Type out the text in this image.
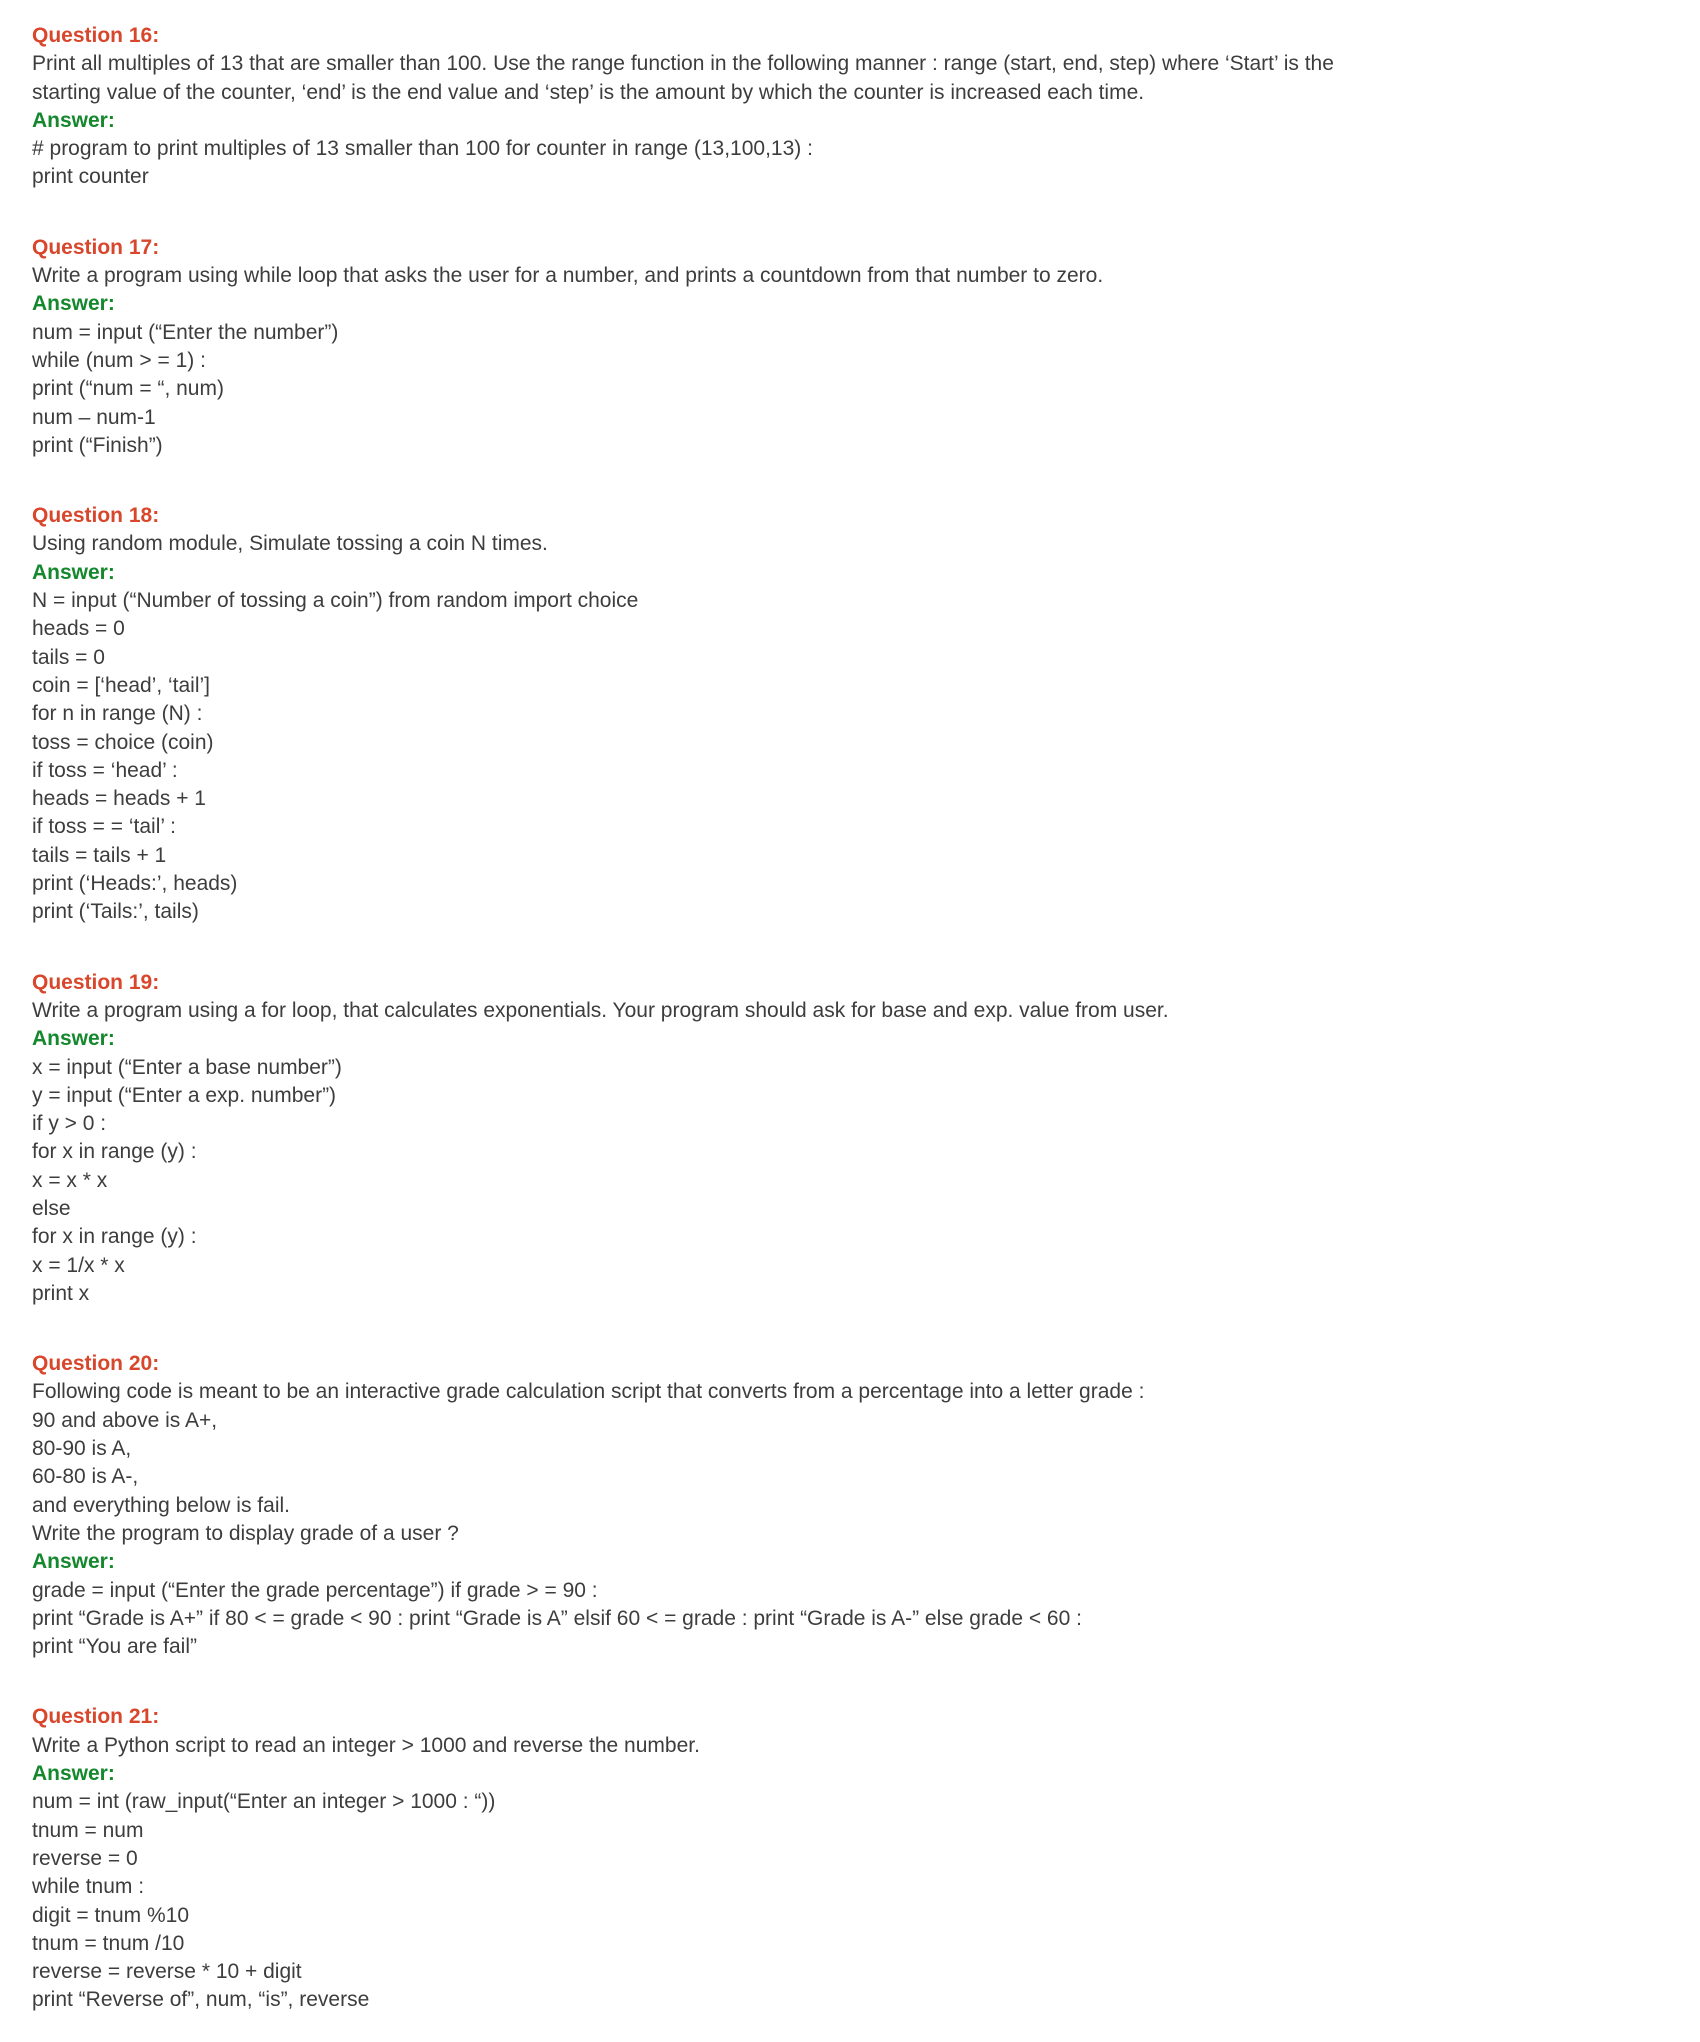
Question 16:
Print all multiples of 13 that are smaller than 100. Use the range function in the following manner : range (start, end, step) where ‘Start’ is the
starting value of the counter, ‘end’ is the end value and ‘step’ is the amount by which the counter is increased each time.
Answer:
# program to print multiples of 13 smaller than 100 for counter in range (13,100,13) :
print counter
Question 17:
Write a program using while loop that asks the user for a number, and prints a countdown from that number to zero.
Answer:
num = input (“Enter the number”)
while (num > = 1) :
print (“num = “, num)
num – num-1
print (“Finish”)
Question 18:
Using random module, Simulate tossing a coin N times.
Answer:
N = input (“Number of tossing a coin”) from random import choice
heads = 0
tails = 0
coin = [‘head’, ‘tail’]
for n in range (N) :
toss = choice (coin)
if toss = ‘head’ :
heads = heads + 1
if toss = = ‘tail’ :
tails = tails + 1
print (‘Heads:’, heads)
print (‘Tails:’, tails)
Question 19:
Write a program using a for loop, that calculates exponentials. Your program should ask for base and exp. value from user.
Answer:
x = input (“Enter a base number”)
y = input (“Enter a exp. number”)
if y > 0 :
for x in range (y) :
x = x * x
else
for x in range (y) :
x = 1/x * x
print x
Question 20:
Following code is meant to be an interactive grade calculation script that converts from a percentage into a letter grade :
90 and above is A+,
80-90 is A,
60-80 is A-,
and everything below is fail.
Write the program to display grade of a user ?
Answer:
grade = input (“Enter the grade percentage”) if grade > = 90 :
print “Grade is A+” if 80 < = grade < 90 : print “Grade is A” elsif 60 < = grade : print “Grade is A-” else grade < 60 :
print “You are fail”
Question 21:
Write a Python script to read an integer > 1000 and reverse the number.
Answer:
num = int (raw_input(“Enter an integer > 1000 : “))
tnum = num
reverse = 0
while tnum :
digit = tnum %10
tnum = tnum /10
reverse = reverse * 10 + digit
print “Reverse of”, num, “is”, reverse
